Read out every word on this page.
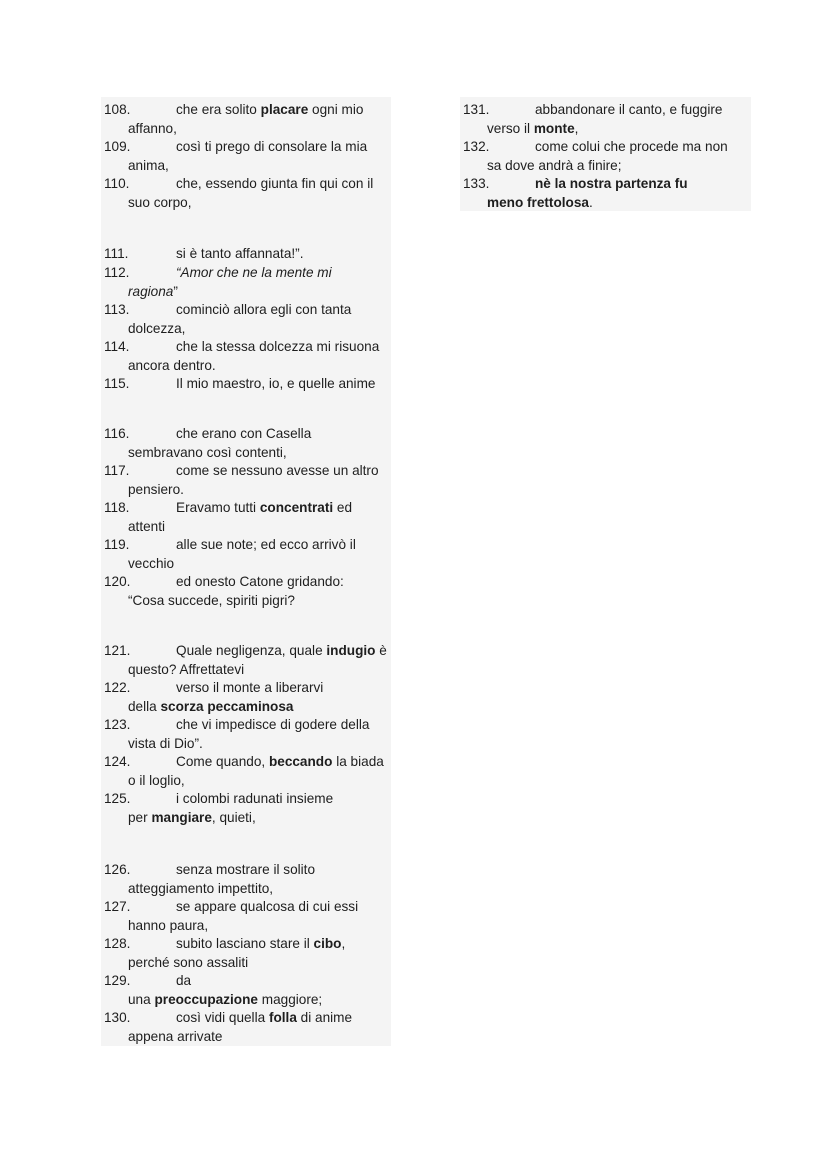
108.	che era solito placare ogni mio
affanno,
109.	così ti prego di consolare la mia
anima,
110.	che, essendo giunta fin qui con il
suo corpo,
111.	si è tanto affannata!”.
112.	“Amor che ne la mente mi
ragiona”
113.	cominciò allora egli con tanta
dolcezza,
114.	che la stessa dolcezza mi risuona
ancora dentro.
115.	Il mio maestro, io, e quelle anime
116.	che erano con Casella
sembravano così contenti,
117.	come se nessuno avesse un altro
pensiero.
118.	Eravamo tutti concentrati ed
attenti
119.	alle sue note; ed ecco arrivò il
vecchio
120.	ed onesto Catone gridando:
“Cosa succede, spiriti pigri?
121.	Quale negligenza, quale indugio è
questo? Affrettatevi
122.	verso il monte a liberarvi
della scorza peccaminosa
123.	che vi impedisce di godere della
vista di Dio”.
124.	Come quando, beccando la biada
o il loglio,
125.	i colombi radunati insieme
per mangiare, quieti,
126.	senza mostrare il solito
atteggiamento impettito,
127.	se appare qualcosa di cui essi
hanno paura,
128.	subito lasciano stare il cibo,
perché sono assaliti
129.	da
una preoccupazione maggiore;
130.	così vidi quella folla di anime
appena arrivate
131.	abbandonare il canto, e fuggire
verso il monte,
132.	come colui che procede ma non
sa dove andrà a finire;
133.	nè la nostra partenza fu
meno frettolosa.
